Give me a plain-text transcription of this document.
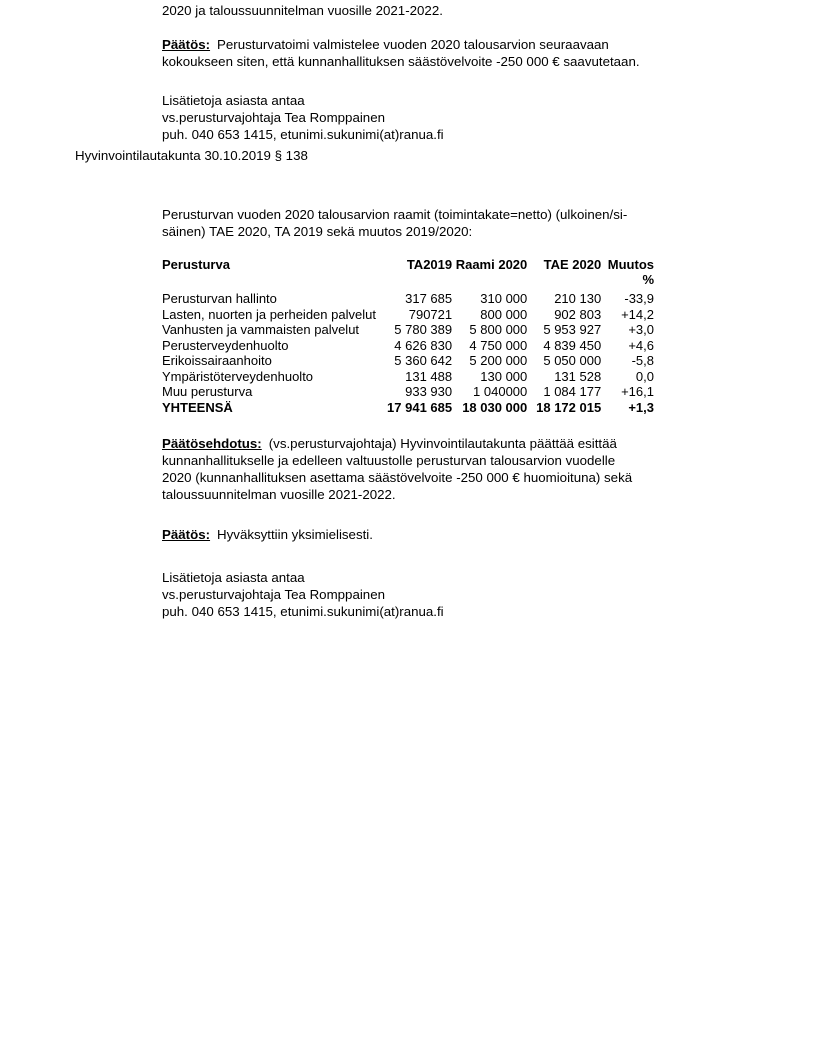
2020 ja taloussuunnitelman vuosille 2021-2022.
Päätös: Perusturvatoimi valmistelee vuoden 2020 talousarvion seuraavaan
kokoukseen siten, että kunnanhallituksen säästövelvoite -250 000 € saavutetaan.
Lisätietoja asiasta antaa
vs.perusturvajohtaja Tea Romppainen
puh. 040 653 1415, etunimi.sukunimi(at)ranua.fi
Hyvinvointilautakunta 30.10.2019 § 138
Perusturvan vuoden 2020 talousarvion raamit (toimintakate=netto) (ulkoinen/si-
säinen) TAE 2020, TA 2019 sekä muutos 2019/2020:
Perusturva	TA2019	Raami 2020	TAE 2020	Muutos
				%
Perusturvan hallinto	317 685	310 000	210 130	-33,9
Lasten, nuorten ja perheiden palvelut	790721	800 000	902 803	+14,2
Vanhusten ja vammaisten palvelut	5 780 389	5 800 000	5 953 927	+3,0
Perusterveydenhuolto	4 626 830	4 750 000	4 839 450	+4,6
Erikoissairaanhoito	5 360 642	5 200 000	5 050 000	-5,8
Ympäristöterveydenhuolto	131 488	130 000	131 528	0,0
Muu perusturva	933 930	1 040000	1 084 177	+16,1
YHTEENSÄ	17 941 685	18 030 000	18 172 015	+1,3
Päätösehdotus: (vs.perusturvajohtaja) Hyvinvointilautakunta päättää esittää
kunnanhallitukselle ja edelleen valtuustolle perusturvan talousarvion vuodelle
2020 (kunnanhallituksen asettama säästövelvoite -250 000 € huomioituna) sekä
taloussuunnitelman vuosille 2021-2022.
Päätös: Hyväksyttiin yksimielisesti.
Lisätietoja asiasta antaa
vs.perusturvajohtaja Tea Romppainen
puh. 040 653 1415, etunimi.sukunimi(at)ranua.fi
